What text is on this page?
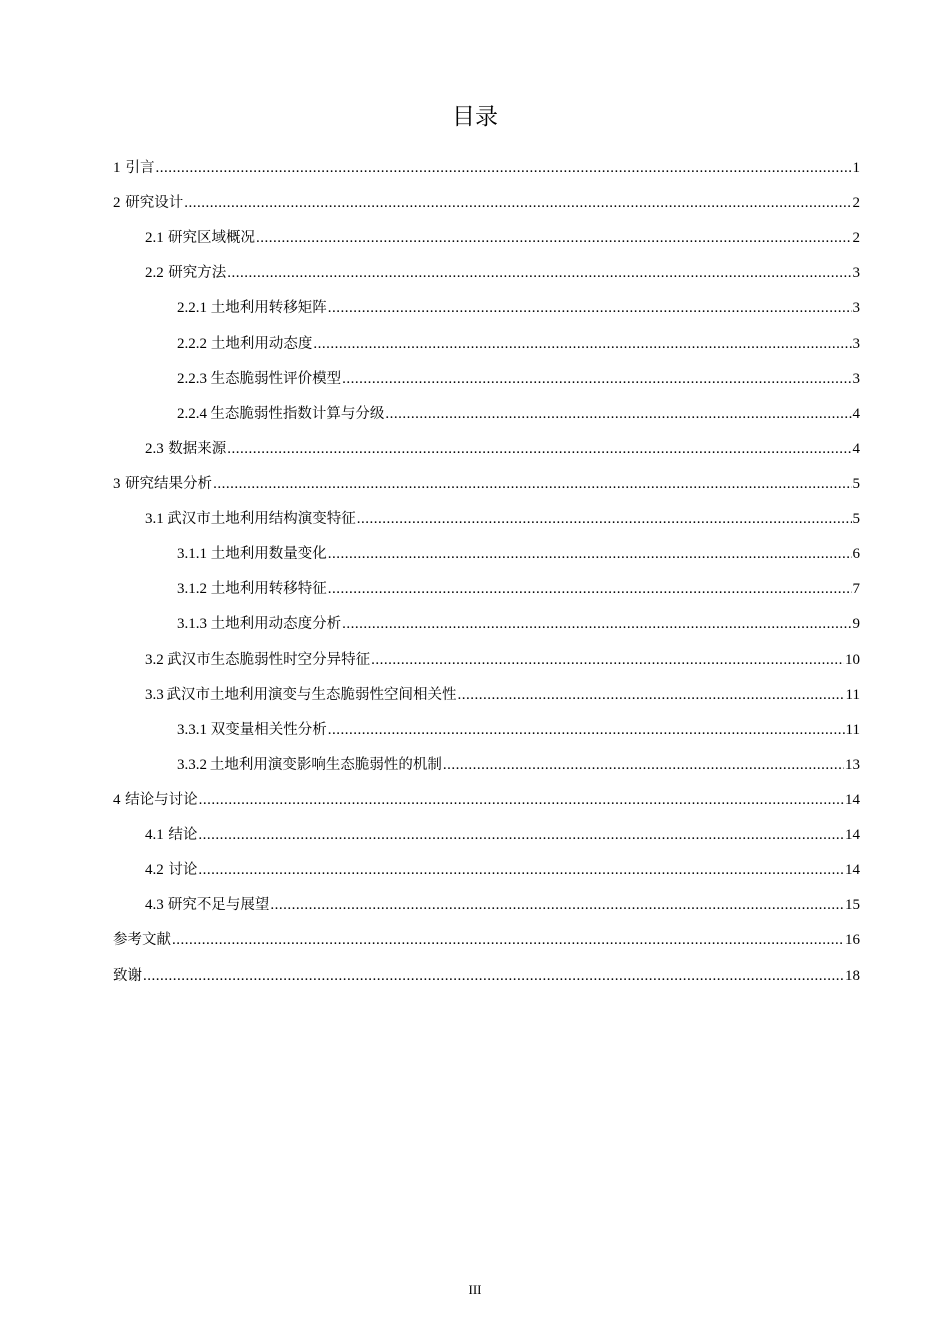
目录
1 引言 .....	1
2 研究设计 .....	2
2.1 研究区域概况 .....	2
2.2 研究方法 .....	3
2.2.1 土地利用转移矩阵 .....	3
2.2.2 土地利用动态度 .....	3
2.2.3 生态脆弱性评价模型 .....	3
2.2.4 生态脆弱性指数计算与分级 .....	4
2.3 数据来源 .....	4
3 研究结果分析 .....	5
3.1 武汉市土地利用结构演变特征 .....	5
3.1.1 土地利用数量变化 .....	6
3.1.2 土地利用转移特征 .....	7
3.1.3 土地利用动态度分析 .....	9
3.2 武汉市生态脆弱性时空分异特征 .....	10
3.3 武汉市土地利用演变与生态脆弱性空间相关性 .....	11
3.3.1 双变量相关性分析 .....	11
3.3.2 土地利用演变影响生态脆弱性的机制 .....	13
4 结论与讨论 .....	14
4.1 结论 .....	14
4.2 讨论 .....	14
4.3 研究不足与展望 .....	15
参考文献 .....	16
致谢 .....	18
III
